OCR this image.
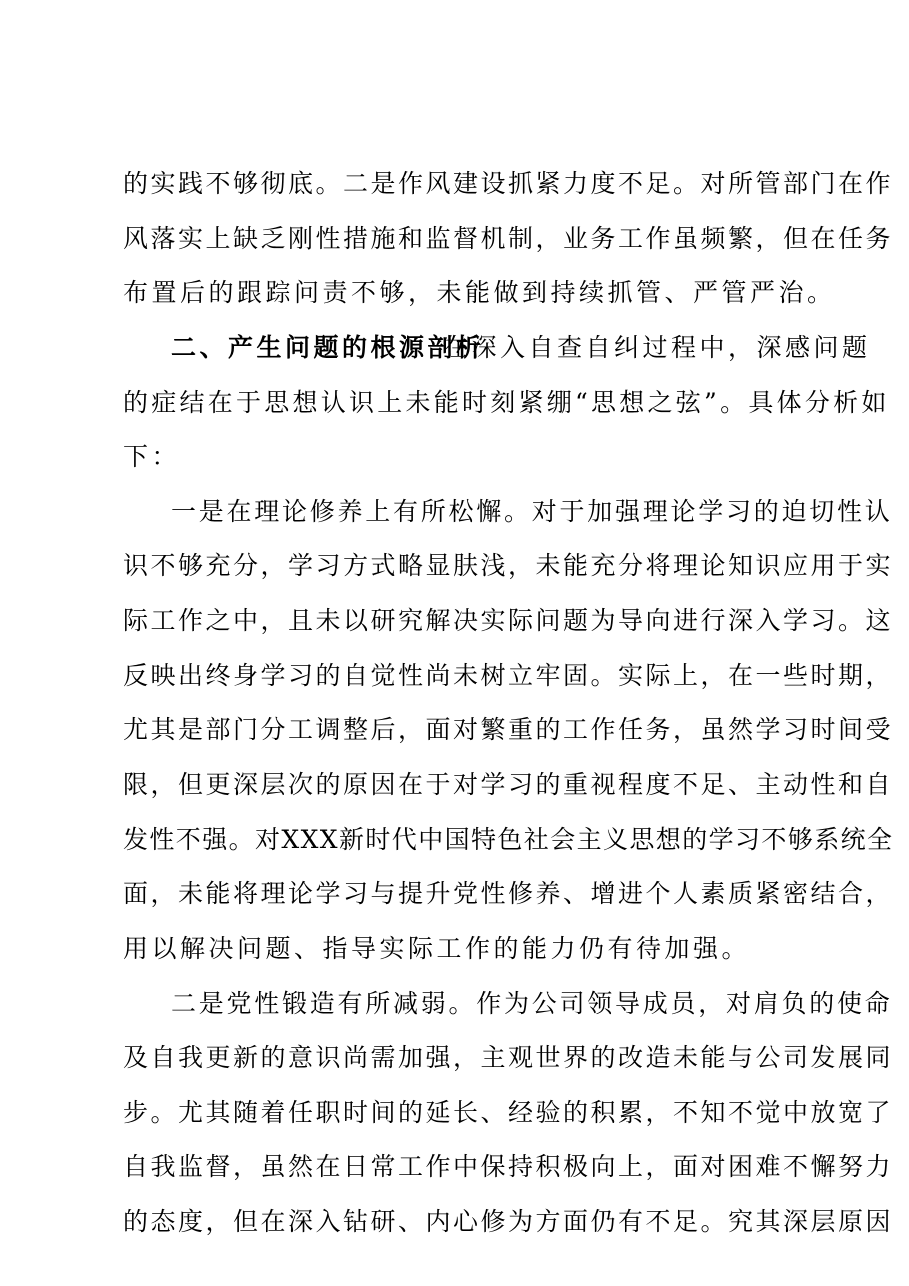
的实践不够彻底。二是作风建设抓紧力度不足。对所管部门在作
风落实上缺乏刚性措施和监督机制，业务工作虽频繁，但在任务
布置后的跟踪问责不够，未能做到持续抓管、严管严治。
二、产生问题的根源剖析
在深入自查自纠过程中，深感问题
的症结在于思想认识上未能时刻紧绷“思想之弦”。具体分析如
下：
一是在理论修养上有所松懈。对于加强理论学习的迫切性认
识不够充分，学习方式略显肤浅，未能充分将理论知识应用于实
际工作之中，且未以研究解决实际问题为导向进行深入学习。这
反映出终身学习的自觉性尚未树立牢固。实际上，在一些时期，
尤其是部门分工调整后，面对繁重的工作任务，虽然学习时间受
限，但更深层次的原因在于对学习的重视程度不足、主动性和自
发性不强。对XXX新时代中国特色社会主义思想的学习不够系统全
面，未能将理论学习与提升党性修养、增进个人素质紧密结合，
用以解决问题、指导实际工作的能力仍有待加强。
二是党性锻造有所减弱。作为公司领导成员，对肩负的使命
及自我更新的意识尚需加强，主观世界的改造未能与公司发展同
步。尤其随着任职时间的延长、经验的积累，不知不觉中放宽了
自我监督，虽然在日常工作中保持积极向上，面对困难不懈努力
的态度，但在深入钻研、内心修为方面仍有不足。究其深层原因
